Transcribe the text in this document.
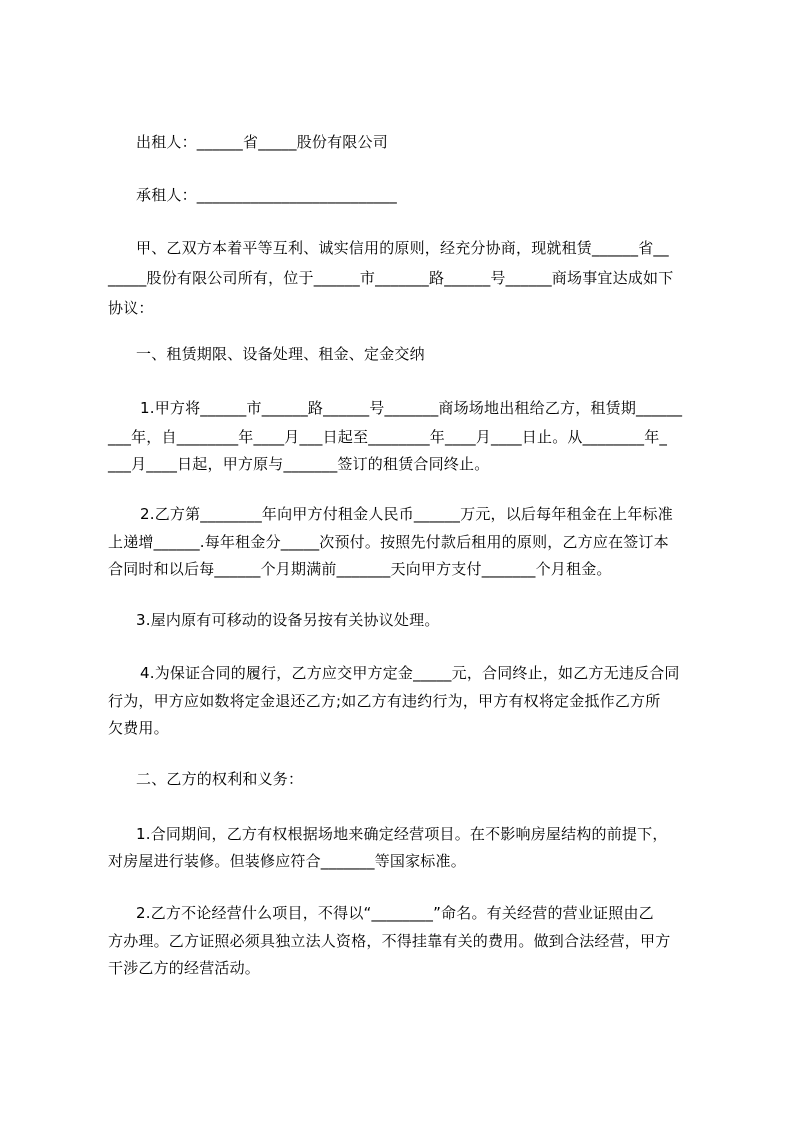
出租人：______省_____股份有限公司
承租人：__________________________
甲、乙双方本着平等互利、诚实信用的原则，经充分协商，现就租赁______省__
_____股份有限公司所有，位于______市_______路______号______商场事宜达成如下
协议：
一、租赁期限、设备处理、租金、定金交纳
1.甲方将______市______路______号_______商场场地出租给乙方，租赁期______
___年，自________年____月___日起至________年____月____日止。从________年_
___月____日起，甲方原与_______签订的租赁合同终止。
2.乙方第________年向甲方付租金人民币______万元，以后每年租金在上年标准
上递增______.每年租金分_____次预付。按照先付款后租用的原则，乙方应在签订本
合同时和以后每______个月期满前_______天向甲方支付_______个月租金。
3.屋内原有可移动的设备另按有关协议处理。
4.为保证合同的履行，乙方应交甲方定金_____元，合同终止，如乙方无违反合同
行为，甲方应如数将定金退还乙方;如乙方有违约行为，甲方有权将定金抵作乙方所
欠费用。
二、乙方的权利和义务：
1.合同期间，乙方有权根据场地来确定经营项目。在不影响房屋结构的前提下，
对房屋进行装修。但装修应符合_______等国家标准。
2.乙方不论经营什么项目，不得以“________”命名。有关经营的营业证照由乙
方办理。乙方证照必须具独立法人资格，不得挂靠有关的费用。做到合法经营，甲方
干涉乙方的经营活动。
